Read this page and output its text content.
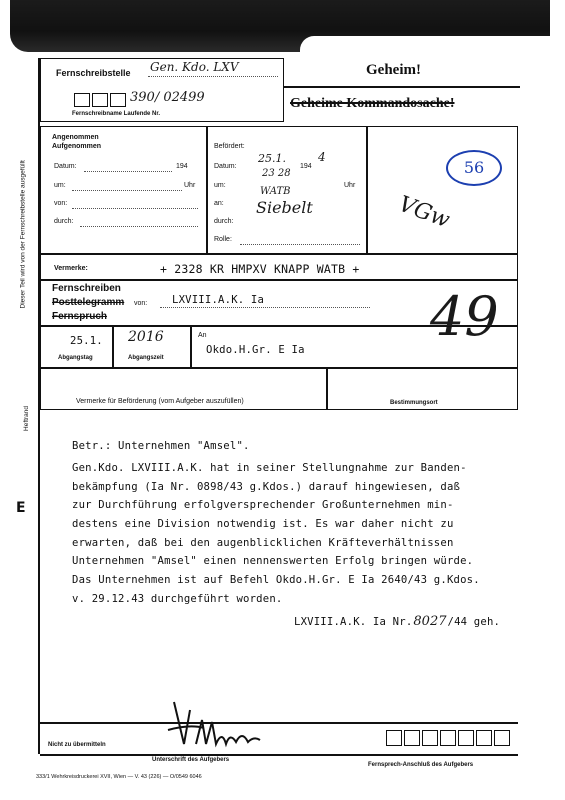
Dieser Teil wird von der Fernschreibstelle ausgefüllt
Heftrand
E
Fernschreibstelle Gen. Kdo. LXV
390/ 02499
Fernschreibname Laufende Nr.
Geheim!
Geheime Kommandosache!
Angenommen
Aufgenommen
Datum:	194
um:	Uhr
von:
durch:
Befördert:
Datum:
25.1.
194
4
um:
23 28
Uhr
an:
WATB
durch:
Siebelt
Rolle:
56
VGw
Vermerke:	+ 2328 KR HMPXV KNAPP WATB +
Fernschreiben
Posttelegramm
Fernspruch
von: LXVIII.A.K. Ia	49
25.1.
Abgangstag
2016
Abgangszeit
An
Okdo.H.Gr. E Ia
Vermerke für Beförderung (vom Aufgeber auszufüllen)	Bestimmungsort
Betr.: Unternehmen "Amsel".
Gen.Kdo. LXVIII.A.K. hat in seiner Stellungnahme zur Banden-
bekämpfung (Ia Nr. 0898/43 g.Kdos.) darauf hingewiesen, daß
zur Durchführung erfolgversprechender Großunternehmen min-
destens eine Division notwendig ist. Es war daher nicht zu
erwarten, daß bei den augenblicklichen Kräfteverhältnissen
Unternehmen "Amsel" einen nennenswerten Erfolg bringen würde.
Das Unternehmen ist auf Befehl Okdo.H.Gr. E Ia 2640/43 g.Kdos.
v. 29.12.43 durchgeführt worden.
LXVIII.A.K. Ia Nr. 8027 /44 geh.
Nicht zu übermitteln
Unterschrift des Aufgebers
Fernsprech-Anschluß des Aufgebers
333/1 Wehrkreisdruckerei XVII, Wien — V. 43 (226) — O/0549 6046
